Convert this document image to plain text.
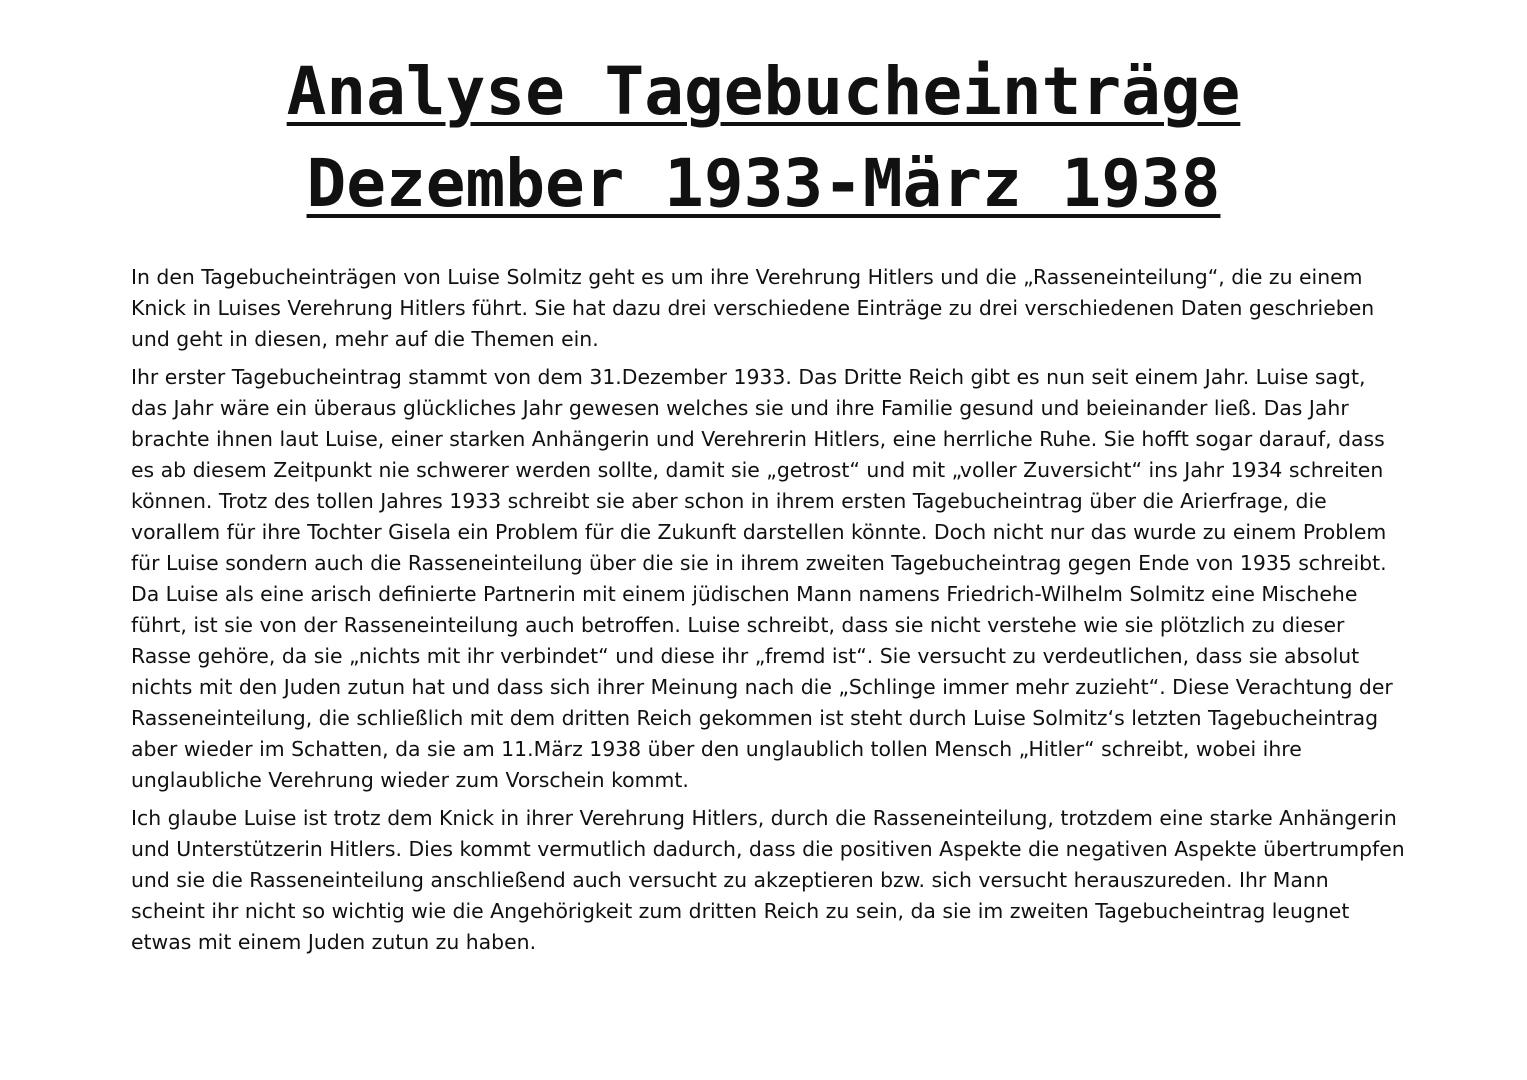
Analyse Tagebucheinträge
Dezember 1933-März 1938

In den Tagebucheinträgen von Luise Solmitz geht es um ihre Verehrung Hitlers und die „Rasseneinteilung“, die zu einem Knick in Luises Verehrung Hitlers führt. Sie hat dazu drei verschiedene Einträge zu drei verschiedenen Daten geschrieben und geht in diesen, mehr auf die Themen ein.

Ihr erster Tagebucheintrag stammt von dem 31.Dezember 1933. Das Dritte Reich gibt es nun seit einem Jahr. Luise sagt, das Jahr wäre ein überaus glückliches Jahr gewesen welches sie und ihre Familie gesund und beieinander ließ. Das Jahr brachte ihnen laut Luise, einer starken Anhängerin und Verehrerin Hitlers, eine herrliche Ruhe. Sie hofft sogar darauf, dass es ab diesem Zeitpunkt nie schwerer werden sollte, damit sie „getrost“ und mit „voller Zuversicht“ ins Jahr 1934 schreiten können. Trotz des tollen Jahres 1933 schreibt sie aber schon in ihrem ersten Tagebucheintrag über die Arierfrage, die vorallem für ihre Tochter Gisela ein Problem für die Zukunft darstellen könnte. Doch nicht nur das wurde zu einem Problem für Luise sondern auch die Rasseneinteilung über die sie in ihrem zweiten Tagebucheintrag gegen Ende von 1935 schreibt. Da Luise als eine arisch definierte Partnerin mit einem jüdischen Mann namens Friedrich-Wilhelm Solmitz eine Mischehe führt, ist sie von der Rasseneinteilung auch betroffen. Luise schreibt, dass sie nicht verstehe wie sie plötzlich zu dieser Rasse gehöre, da sie „nichts mit ihr verbindet“ und diese ihr „fremd ist“. Sie versucht zu verdeutlichen, dass sie absolut nichts mit den Juden zutun hat und dass sich ihrer Meinung nach die „Schlinge immer mehr zuzieht“. Diese Verachtung der Rasseneinteilung, die schließlich mit dem dritten Reich gekommen ist steht durch Luise Solmitz‘s letzten Tagebucheintrag aber wieder im Schatten, da sie am 11.März 1938 über den unglaublich tollen Mensch „Hitler“ schreibt, wobei ihre unglaubliche Verehrung wieder zum Vorschein kommt.

Ich glaube Luise ist trotz dem Knick in ihrer Verehrung Hitlers, durch die Rasseneinteilung, trotzdem eine starke Anhängerin und Unterstützerin Hitlers. Dies kommt vermutlich dadurch, dass die positiven Aspekte die negativen Aspekte übertrumpfen und sie die Rasseneinteilung anschließend auch versucht zu akzeptieren bzw. sich versucht herauszureden. Ihr Mann scheint ihr nicht so wichtig wie die Angehörigkeit zum dritten Reich zu sein, da sie im zweiten Tagebucheintrag leugnet etwas mit einem Juden zutun zu haben.
